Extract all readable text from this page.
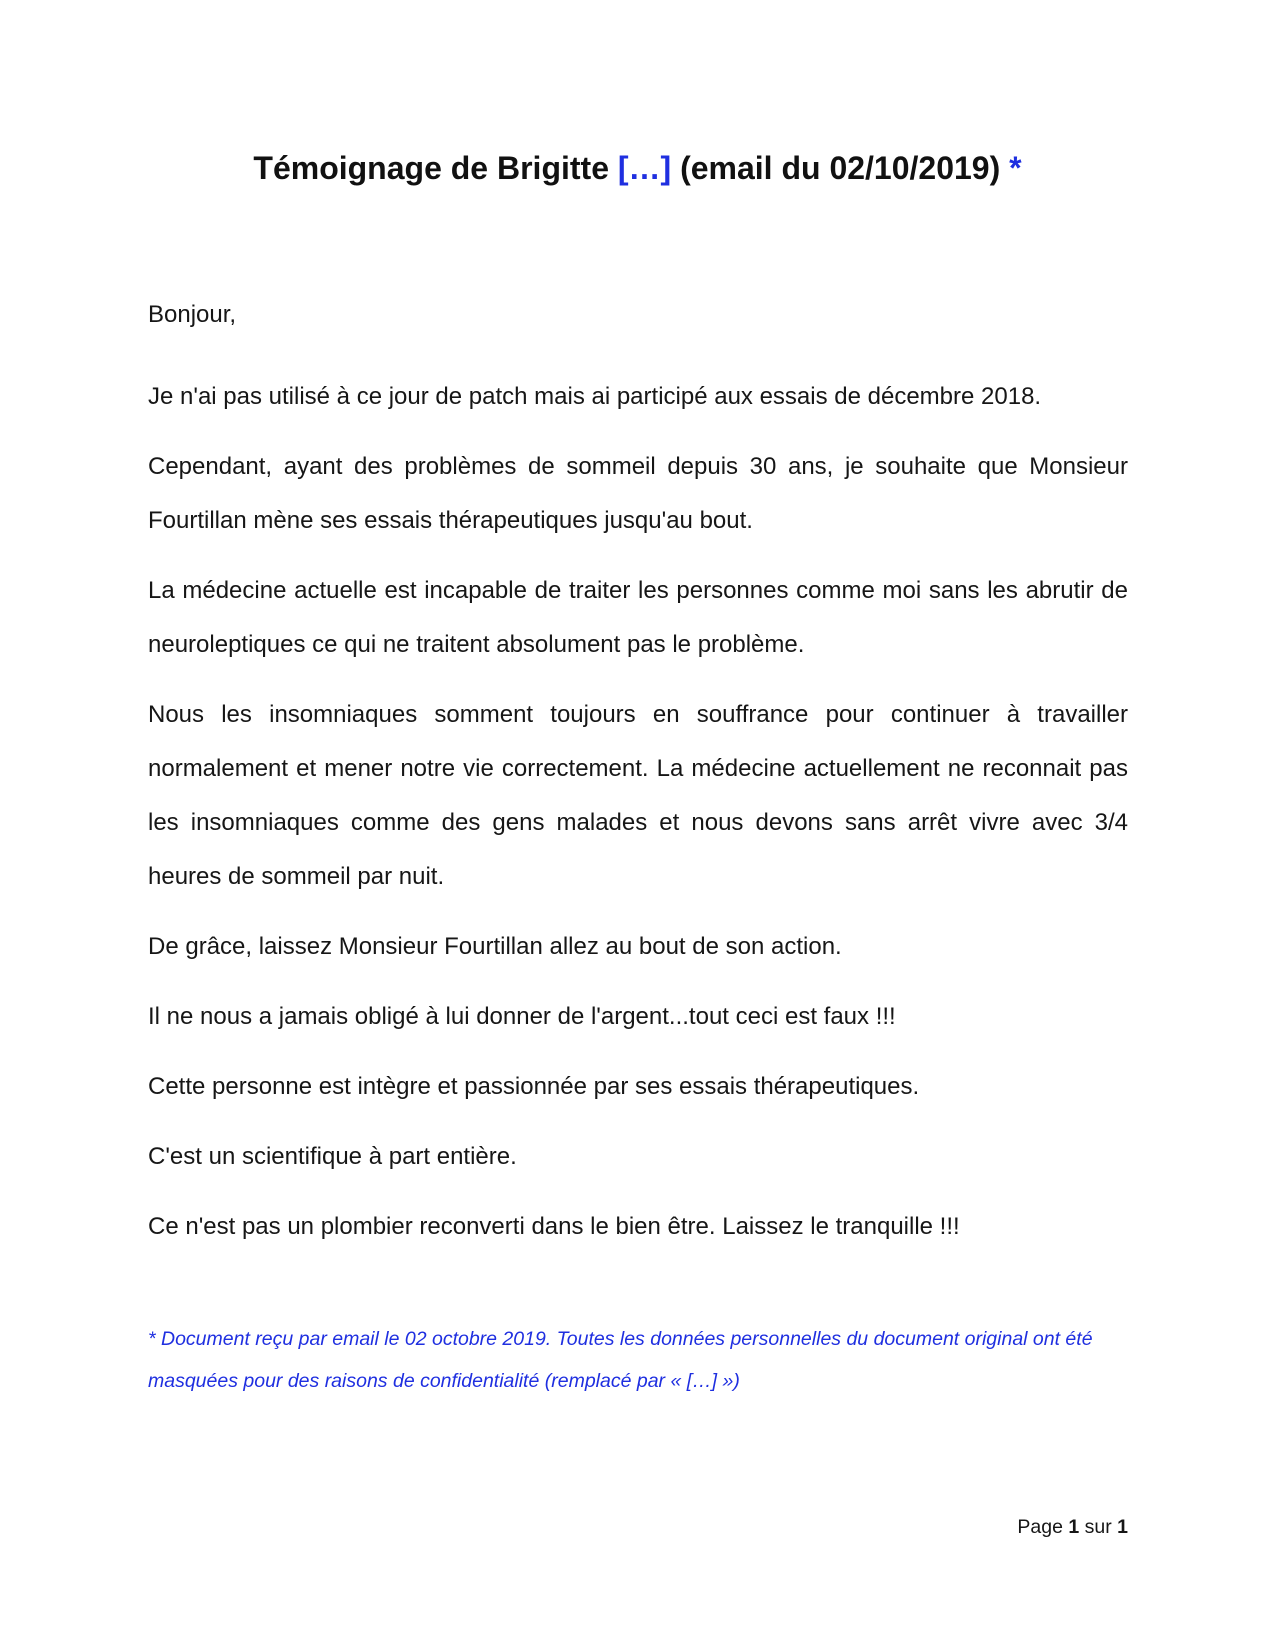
Témoignage de Brigitte […] (email du 02/10/2019) *

Bonjour,

Je n'ai pas utilisé à ce jour de patch mais ai participé aux essais de décembre 2018.

Cependant, ayant des problèmes de sommeil depuis 30 ans, je souhaite que Monsieur Fourtillan mène ses essais thérapeutiques jusqu'au bout.

La médecine actuelle est incapable de traiter les personnes comme moi sans les abrutir de neuroleptiques ce qui ne traitent absolument pas le problème.

Nous les insomniaques somment toujours en souffrance pour continuer à travailler normalement et mener notre vie correctement. La médecine actuellement ne reconnait pas les insomniaques comme des gens malades et nous devons sans arrêt vivre avec 3/4 heures de sommeil par nuit.

De grâce, laissez Monsieur Fourtillan allez au bout de son action.

Il ne nous a jamais obligé à lui donner de l'argent...tout ceci est faux !!!

Cette personne est intègre et passionnée par ses essais thérapeutiques.

C'est un scientifique à part entière.

Ce n'est pas un plombier reconverti dans le bien être. Laissez le tranquille !!!

* Document reçu par email le 02 octobre 2019. Toutes les données personnelles du document original ont été masquées pour des raisons de confidentialité (remplacé par « […] »)
Page 1 sur 1
